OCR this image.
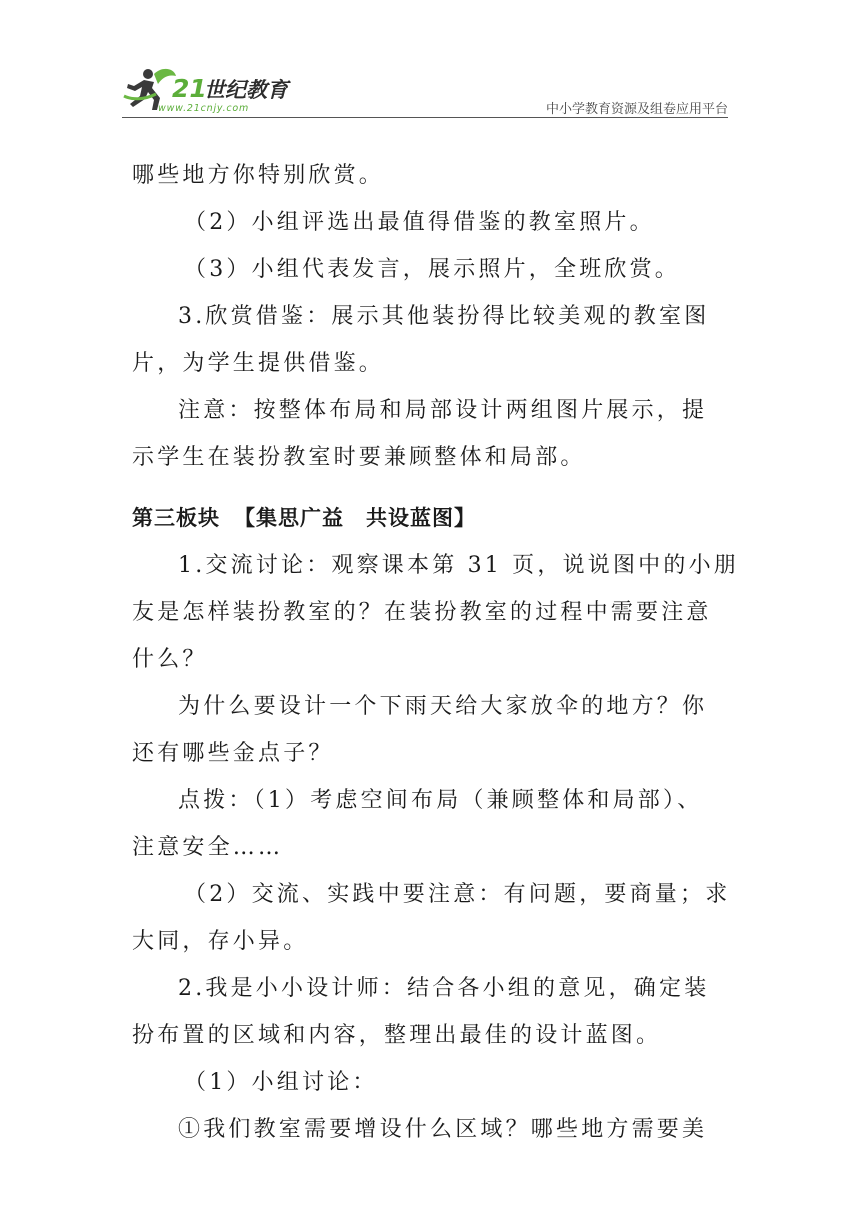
21
世纪教育
www.21cnjy.com	中小学教育资源及组卷应用平台
哪些地方你特别欣赏。
（2）小组评选出最值得借鉴的教室照片。
（3）小组代表发言，展示照片，全班欣赏。
3.欣赏借鉴：展示其他装扮得比较美观的教室图
片，为学生提供借鉴。
注意：按整体布局和局部设计两组图片展示，提
示学生在装扮教室时要兼顾整体和局部。
第三板块 【集思广益　共设蓝图】
1.交流讨论：观察课本第 31 页，说说图中的小朋
友是怎样装扮教室的？在装扮教室的过程中需要注意
什么？
为什么要设计一个下雨天给大家放伞的地方？你
还有哪些金点子？
点拨：（1）考虑空间布局（兼顾整体和局部）、
注意安全……
（2）交流、实践中要注意：有问题，要商量；求
大同，存小异。
2.我是小小设计师：结合各小组的意见，确定装
扮布置的区域和内容，整理出最佳的设计蓝图。
（1）小组讨论：
①我们教室需要增设什么区域？哪些地方需要美
